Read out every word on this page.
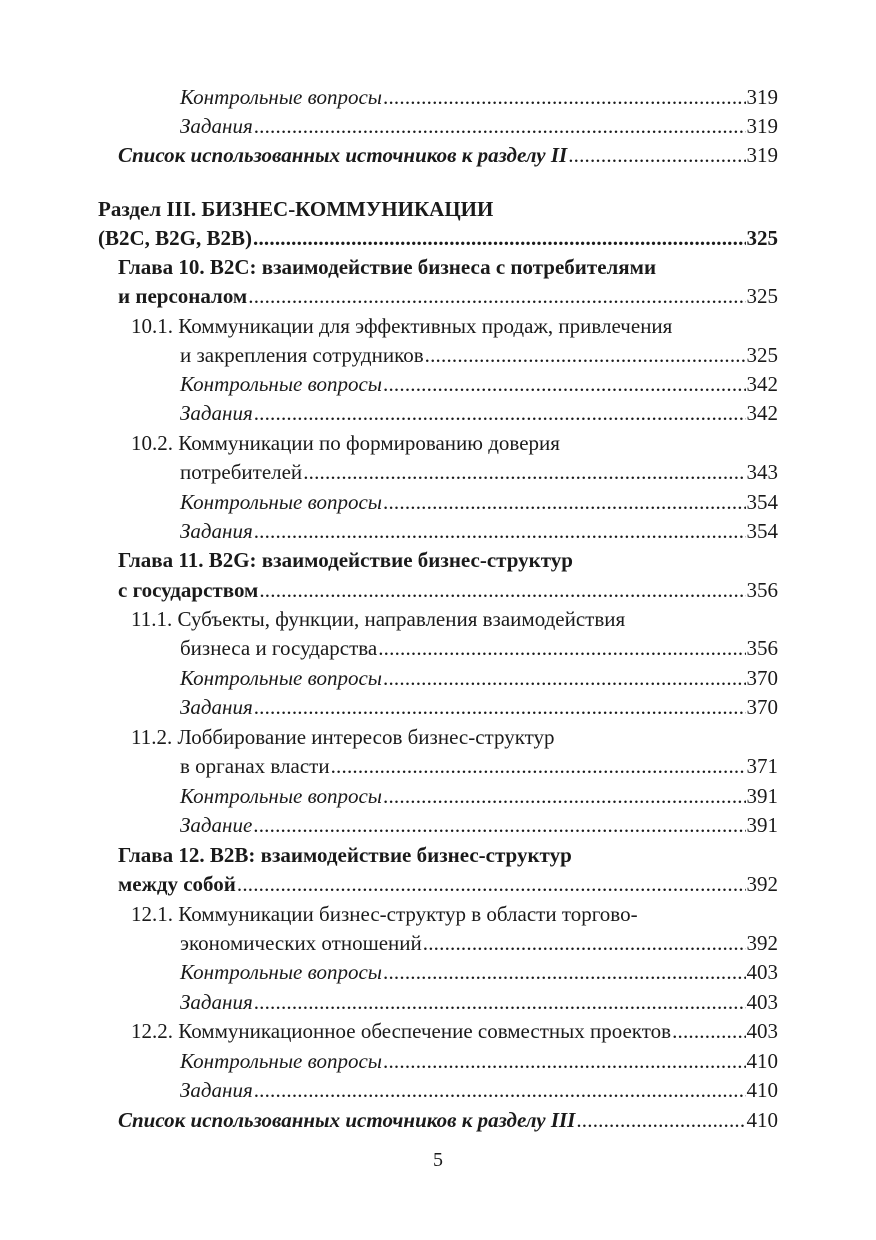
Контрольные вопросы .....	319
Задания .....	319
Список использованных источников к разделу II .....	319
Раздел III. БИЗНЕС-КОММУНИКАЦИИ
(B2C, B2G, B2B) .....	325
Глава 10. B2C: взаимодействие бизнеса с потребителями
и персоналом .....	325
10.1. Коммуникации для эффективных продаж, привлечения
и закрепления сотрудников .....	325
Контрольные вопросы .....	342
Задания .....	342
10.2. Коммуникации по формированию доверия
потребителей .....	343
Контрольные вопросы .....	354
Задания .....	354
Глава 11. B2G: взаимодействие бизнес-структур
с государством .....	356
11.1. Субъекты, функции, направления взаимодействия
бизнеса и государства .....	356
Контрольные вопросы .....	370
Задания .....	370
11.2. Лоббирование интересов бизнес-структур
в органах власти .....	371
Контрольные вопросы .....	391
Задание .....	391
Глава 12. B2B: взаимодействие бизнес-структур
между собой .....	392
12.1. Коммуникации бизнес-структур в области торгово-
экономических отношений .....	392
Контрольные вопросы .....	403
Задания .....	403
12.2. Коммуникационное обеспечение совместных проектов .....	403
Контрольные вопросы .....	410
Задания .....	410
Список использованных источников к разделу III .....	410
5
